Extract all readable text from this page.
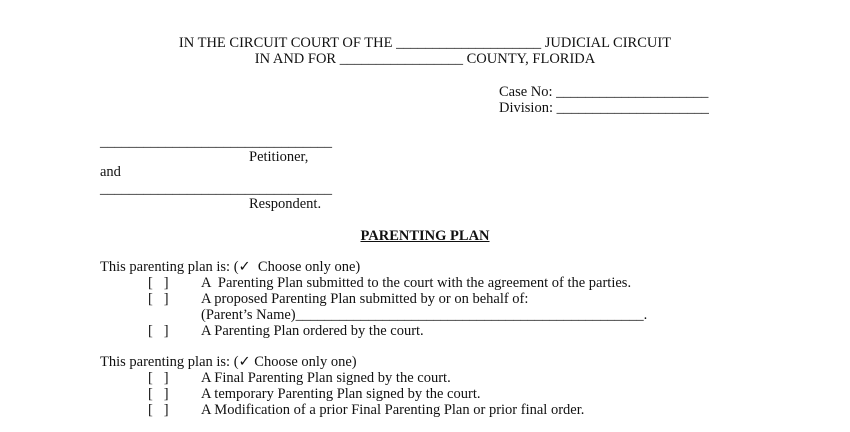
IN THE CIRCUIT COURT OF THE ____________________ JUDICIAL CIRCUIT
IN AND FOR _________________ COUNTY, FLORIDA
Case No: _____________________
Division: _____________________
________________________________
Petitioner,
and
________________________________
Respondent.
PARENTING PLAN
This parenting plan is: (✓  Choose only one)
[   ] A  Parenting Plan submitted to the court with the agreement of the parties.
[   ] A proposed Parenting Plan submitted by or on behalf of:
(Parent’s Name)________________________________________________.
[   ] A Parenting Plan ordered by the court.
This parenting plan is: (✓ Choose only one)
[   ] A Final Parenting Plan signed by the court.
[   ] A temporary Parenting Plan signed by the court.
[   ] A Modification of a prior Final Parenting Plan or prior final order.
